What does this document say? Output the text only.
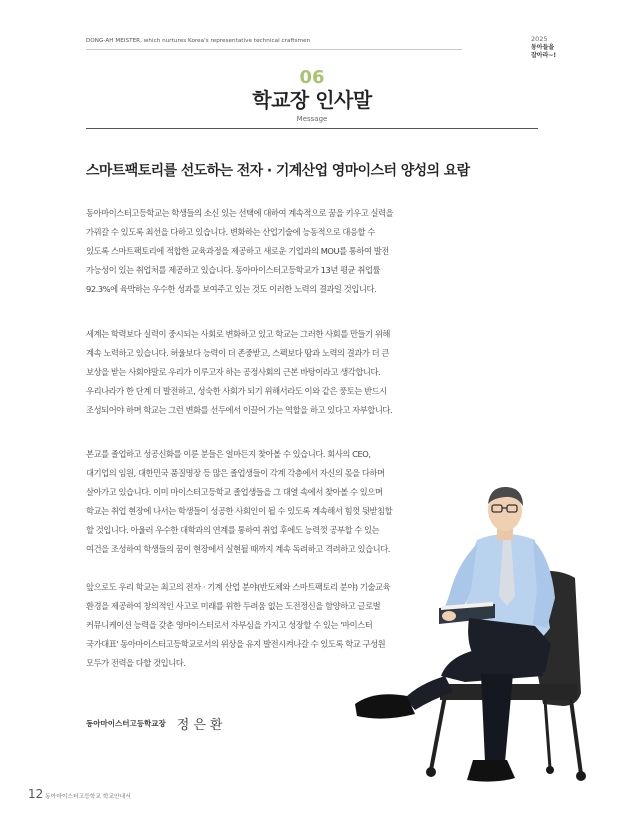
DONG-AH MEISTER, which nurtures Korea's representative technical craftsmen	2025
동아들을
잡아라~!
06
학교장 인사말
Message
스마트팩토리를 선도하는 전자 · 기계산업 영마이스터 양성의 요람
동아마이스터고등학교는 학생들의 소신 있는 선택에 대하여 계속적으로 꿈을 키우고 실력을
가꿔갈 수 있도록 최선을 다하고 있습니다. 변화하는 산업기술에 능동적으로 대응할 수
있도록 스마트팩토리에 적합한 교육과정을 제공하고 새로운 기업과의 MOU를 통하여 발전
가능성이 있는 취업처를 제공하고 있습니다. 동아마이스터고등학교가 13년 평균 취업률
92.3%에 육박하는 우수한 성과를 보여주고 있는 것도 이러한 노력의 결과일 것입니다.
세계는 학력보다 실력이 중시되는 사회로 변화하고 있고 학교는 그러한 사회를 만들기 위해
계속 노력하고 있습니다. 허울보다 능력이 더 존중받고, 스펙보다 땀과 노력의 결과가 더 큰
보상을 받는 사회야말로 우리가 이루고자 하는 공정사회의 근본 바탕이라고 생각합니다.
우리나라가 한 단계 더 발전하고, 성숙한 사회가 되기 위해서라도 이와 같은 풍토는 반드시
조성되어야 하며 학교는 그런 변화를 선두에서 이끌어 가는 역할을 하고 있다고 자부합니다.
본교를 졸업하고 성공신화를 이룬 분들은 얼마든지 찾아볼 수 있습니다. 회사의 CEO,
대기업의 임원, 대한민국 품질명장 등 많은 졸업생들이 각계 각층에서 자신의 몫을 다하며
살아가고 있습니다. 이미 마이스터고등학교 졸업생들을 그 대열 속에서 찾아볼 수 있으며
학교는 취업 현장에 나서는 학생들이 성공한 사회인이 될 수 있도록 계속해서 힘껏 뒷받침할
할 것입니다. 아울러 우수한 대학과의 연계를 통하여 취업 후에도 능력껏 공부할 수 있는
여건을 조성하여 학생들의 꿈이 현장에서 실현될 때까지 계속 독려하고 격려하고 있습니다.
앞으로도 우리 학교는 최고의 전자 · 기계 산업 분야(반도체와 스마트팩토리 분야) 기술교육
환경을 제공하여 창의적인 사고로 미래를 위한 두려움 없는 도전정신을 함양하고 글로벌
커뮤니케이션 능력을 갖춘 영마이스터로서 자부심을 가지고 성장할 수 있는 '마이스터
국가대표' 동아마이스터고등학교로서의 위상을 유지 발전시켜나갈 수 있도록 학교 구성원
모두가 전력을 다할 것입니다.
동아마이스터고등학교장 정은환
12 동아마이스터고등학교 학교안내서
